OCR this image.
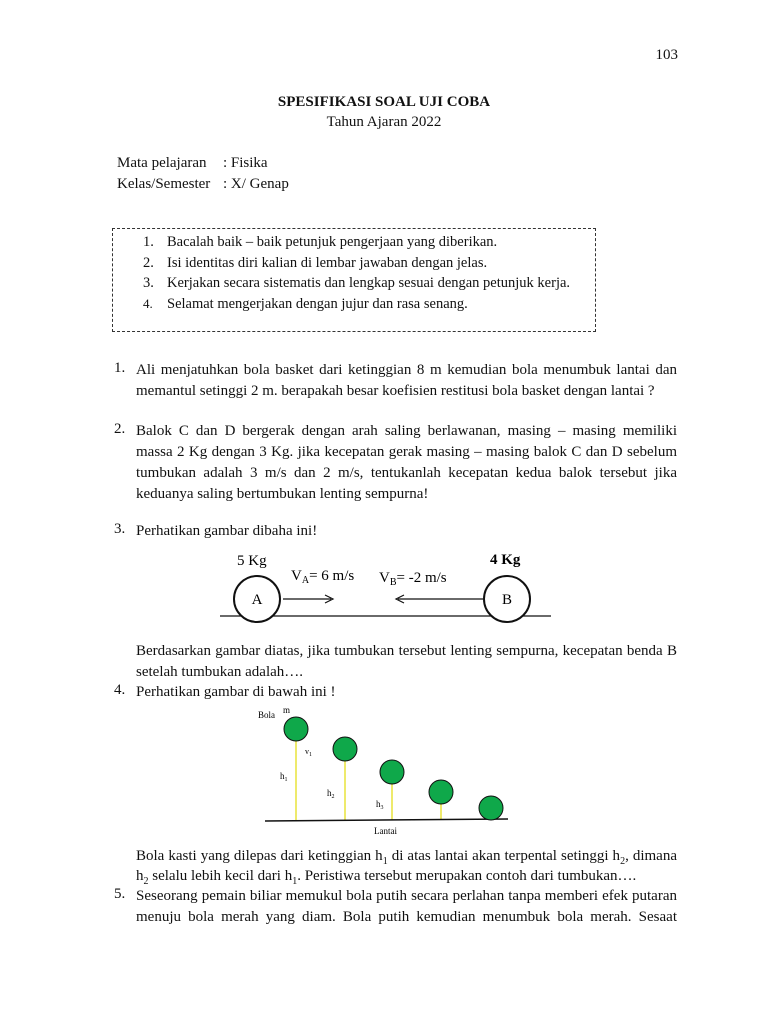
103
SPESIFIKASI SOAL UJI COBA
Tahun Ajaran 2022
Mata pelajaran : Fisika
Kelas/Semester : X/ Genap
1. Bacalah baik – baik petunjuk pengerjaan yang diberikan.
2. Isi identitas diri kalian di lembar jawaban dengan jelas.
3. Kerjakan secara sistematis dan lengkap sesuai dengan petunjuk kerja.
4. Selamat mengerjakan dengan jujur dan rasa senang.
1. Ali menjatuhkan bola basket dari ketinggian 8 m kemudian bola menumbuk lantai dan memantul setinggi 2 m. berapakah besar koefisien restitusi bola basket dengan lantai ?
2. Balok C dan D bergerak dengan arah saling berlawanan, masing – masing memiliki massa 2 Kg dengan 3 Kg. jika kecepatan gerak masing – masing balok C dan D sebelum tumbukan adalah 3 m/s dan 2 m/s, tentukanlah kecepatan kedua balok tersebut jika keduanya saling bertumbukan lenting sempurna!
3. Perhatikan gambar dibaha ini!
5 Kg	4 Kg
$V_A= 6$ m/s $V_B= -2$ m/s
A	B
Berdasarkan gambar diatas, jika tumbukan tersebut lenting sempurna, kecepatan benda B setelah tumbukan adalah….
4. Perhatikan gambar di bawah ini !
Bola m
$v_1$
$h_1$
$h_2$
$h_3$
Lantai
Bola kasti yang dilepas dari ketinggian $h_1$ di atas lantai akan terpental setinggi $h_2$, dimana
$h_2$ selalu lebih kecil dari $h_1$. Peristiwa tersebut merupakan contoh dari tumbukan….
5. Seseorang pemain biliar memukul bola putih secara perlahan tanpa memberi efek putaran menuju bola merah yang diam. Bola putih kemudian menumbuk bola merah. Sesaat
